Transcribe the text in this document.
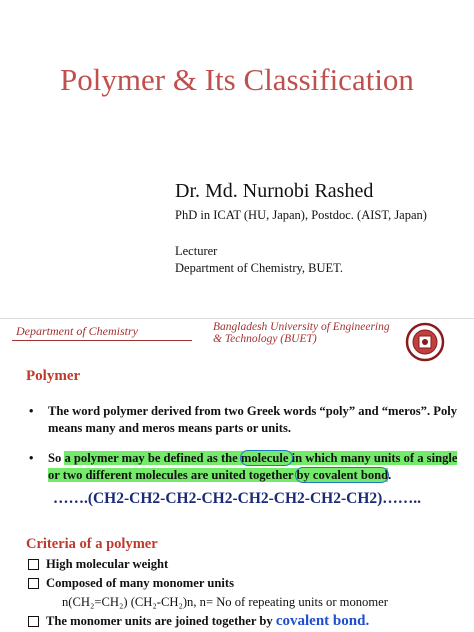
Polymer & Its Classification
Dr. Md. Nurnobi Rashed
PhD in ICAT (HU, Japan), Postdoc. (AIST, Japan)
Lecturer
Department of Chemistry, BUET.
Department of Chemistry	Bangladesh University of Engineering
& Technology (BUET)
Polymer
• The word polymer derived from two Greek words “poly” and “meros”. Poly means many and meros means parts or units.
• So a polymer may be defined as the molecule in which many units of a single or two different molecules are united together by covalent bond.
…….(CH2-CH2-CH2-CH2-CH2-CH2-CH2-CH2)……..
Criteria of a polymer
High molecular weight
Composed of many monomer units
n(CH₂=CH₂) (CH₂-CH₂)n, n= No of repeating units or monomer
The monomer units are joined together by covalent bond.
